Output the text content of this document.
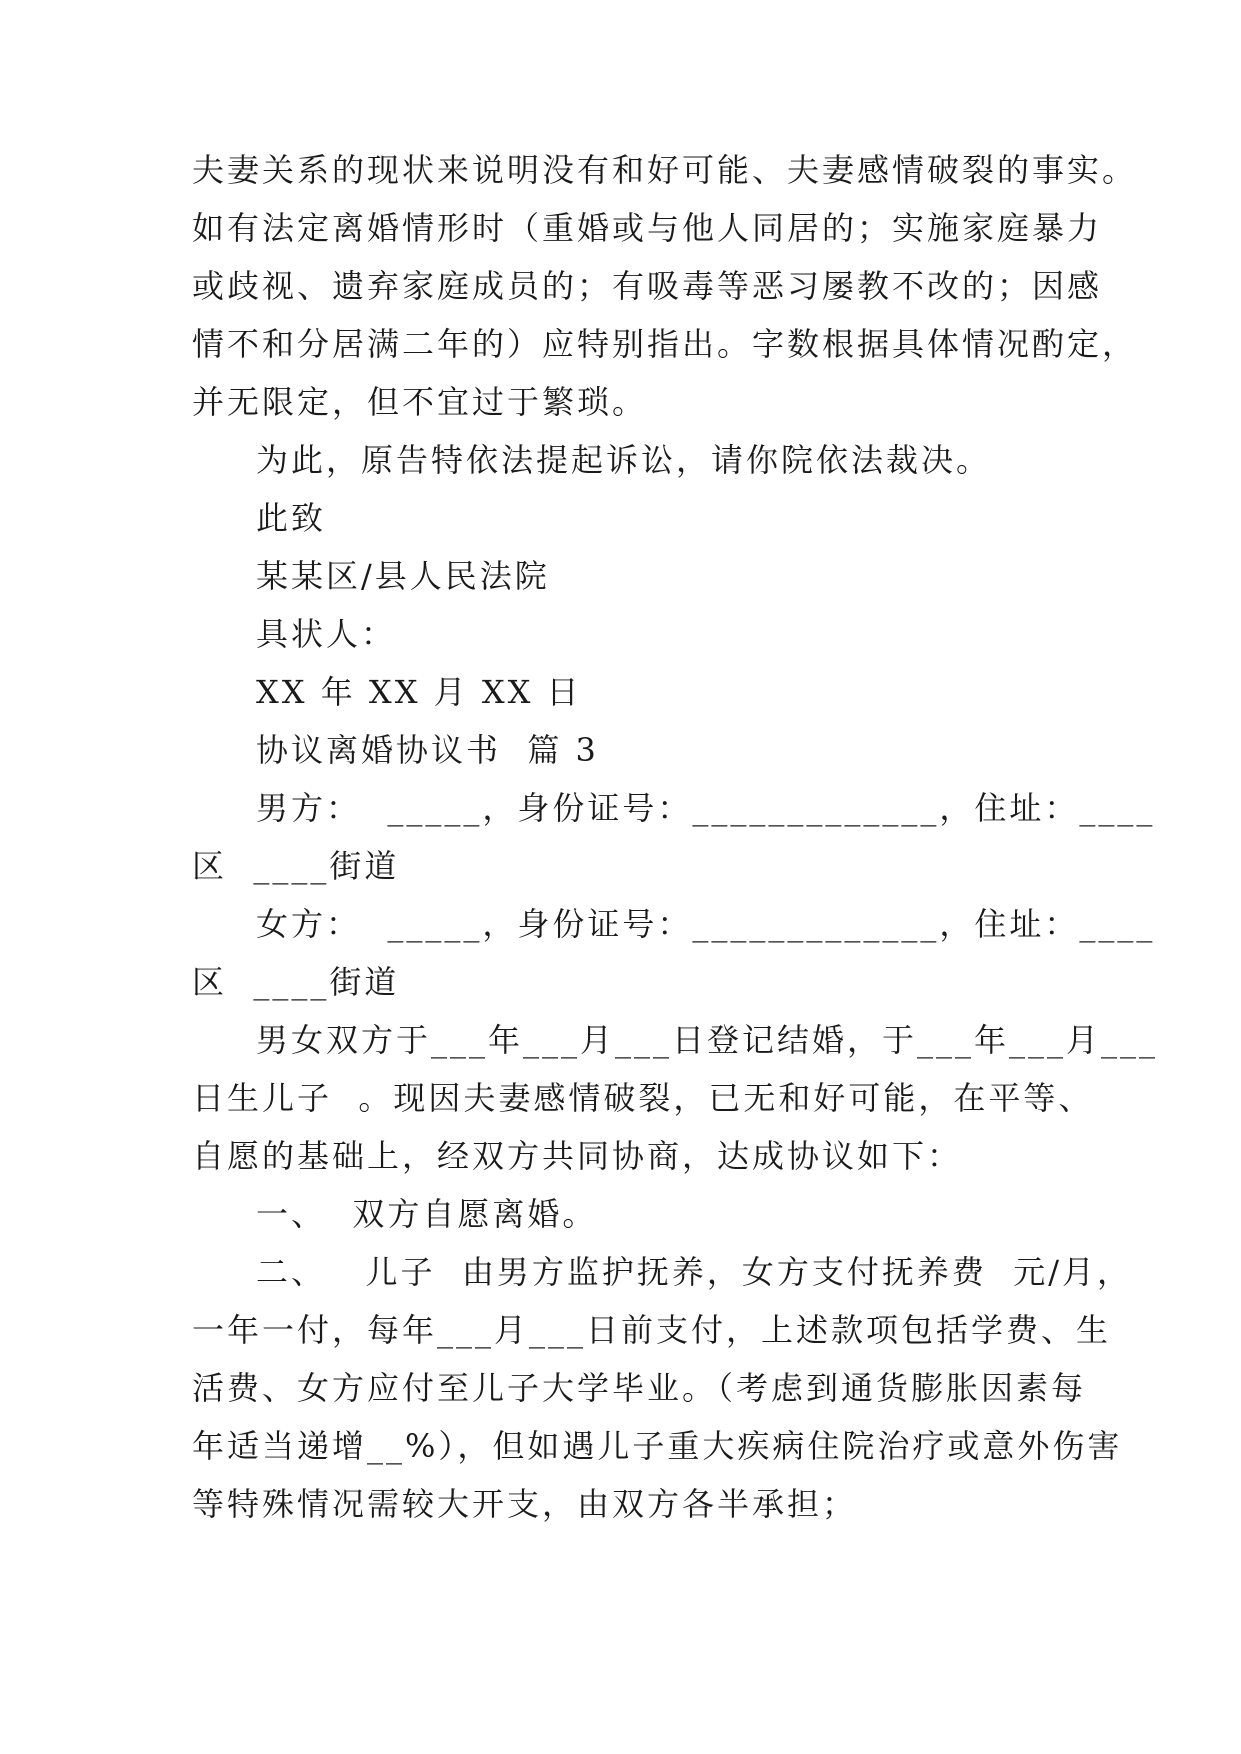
夫妻关系的现状来说明没有和好可能、夫妻感情破裂的事实。
如有法定离婚情形时（重婚或与他人同居的；实施家庭暴力
或歧视、遗弃家庭成员的；有吸毒等恶习屡教不改的；因感
情不和分居满二年的）应特别指出。字数根据具体情况酌定，
并无限定，但不宜过于繁琐。
为此，原告特依法提起诉讼，请你院依法裁决。
此致
某某区/县人民法院
具状人：
XX 年 XX 月 XX 日
协议离婚协议书  篇 3
男方：  _____，身份证号：_____________，住址：____
区  ____街道
女方：  _____，身份证号：_____________，住址：____
区  ____街道
男女双方于___年___月___日登记结婚，于___年___月___
日生儿子  。现因夫妻感情破裂，已无和好可能，在平等、
自愿的基础上，经双方共同协商，达成协议如下：
一、  双方自愿离婚。
二、   儿子  由男方监护抚养，女方支付抚养费  元/月，
一年一付，每年___月___日前支付，上述款项包括学费、生
活费、女方应付至儿子大学毕业。（考虑到通货膨胀因素每
年适当递增__%），但如遇儿子重大疾病住院治疗或意外伤害
等特殊情况需较大开支，由双方各半承担；
